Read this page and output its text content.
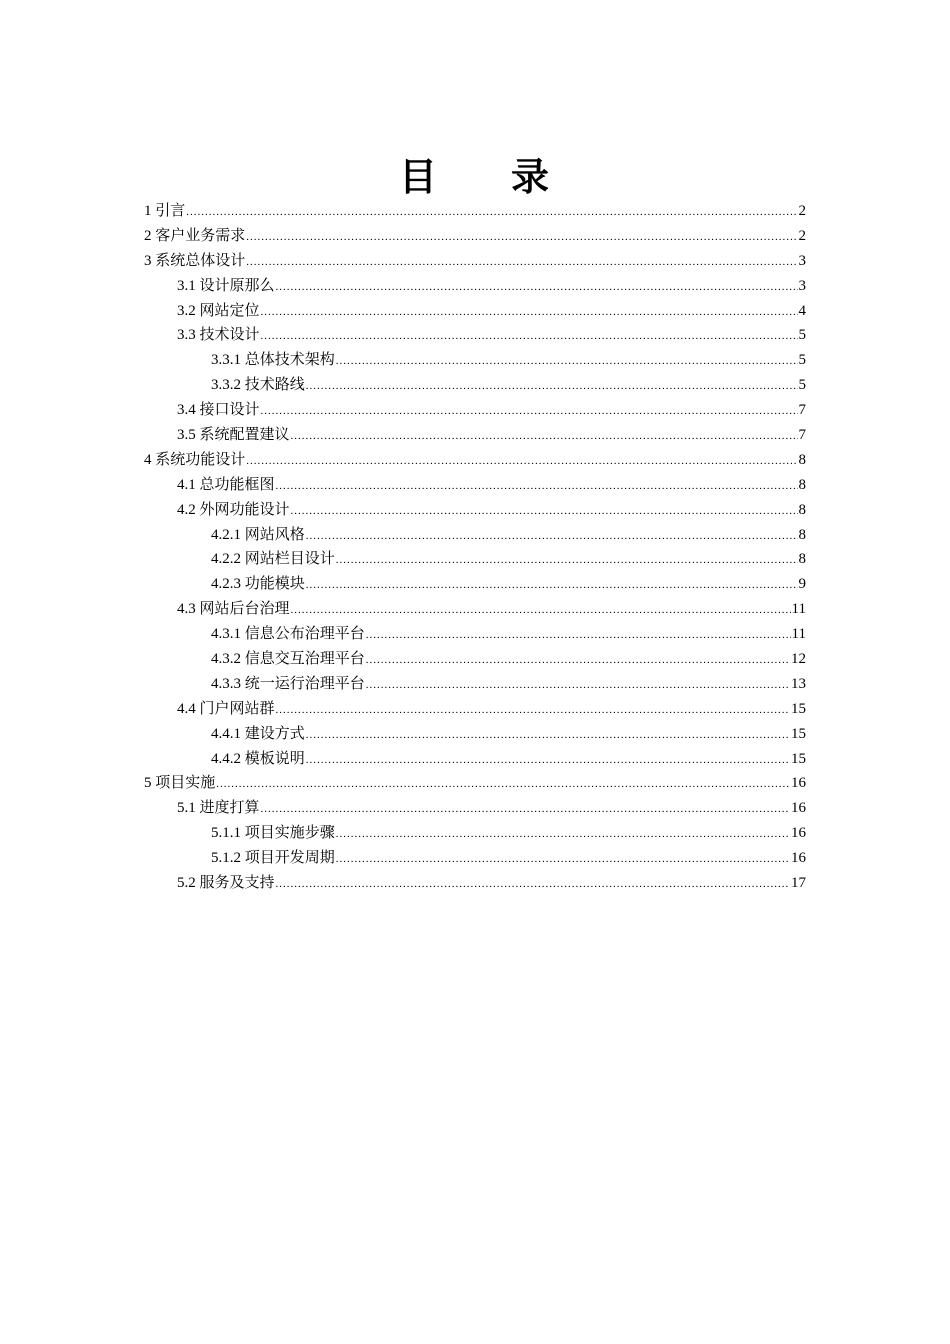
目 录
1 引言 .....	2
2 客户业务需求 .....	2
3 系统总体设计 .....	3
3.1 设计原那么 .....	3
3.2 网站定位 .....	4
3.3 技术设计 .....	5
3.3.1 总体技术架构 .....	5
3.3.2 技术路线 .....	5
3.4 接口设计 .....	7
3.5 系统配置建议 .....	7
4 系统功能设计 .....	8
4.1 总功能框图 .....	8
4.2 外网功能设计 .....	8
4.2.1 网站风格 .....	8
4.2.2 网站栏目设计 .....	8
4.2.3 功能模块 .....	9
4.3 网站后台治理 .....	11
4.3.1 信息公布治理平台 .....	11
4.3.2 信息交互治理平台 .....	12
4.3.3 统一运行治理平台 .....	13
4.4 门户网站群 .....	15
4.4.1 建设方式 .....	15
4.4.2 模板说明 .....	15
5 项目实施 .....	16
5.1 进度打算 .....	16
5.1.1 项目实施步骤 .....	16
5.1.2 项目开发周期 .....	16
5.2 服务及支持 .....	17
